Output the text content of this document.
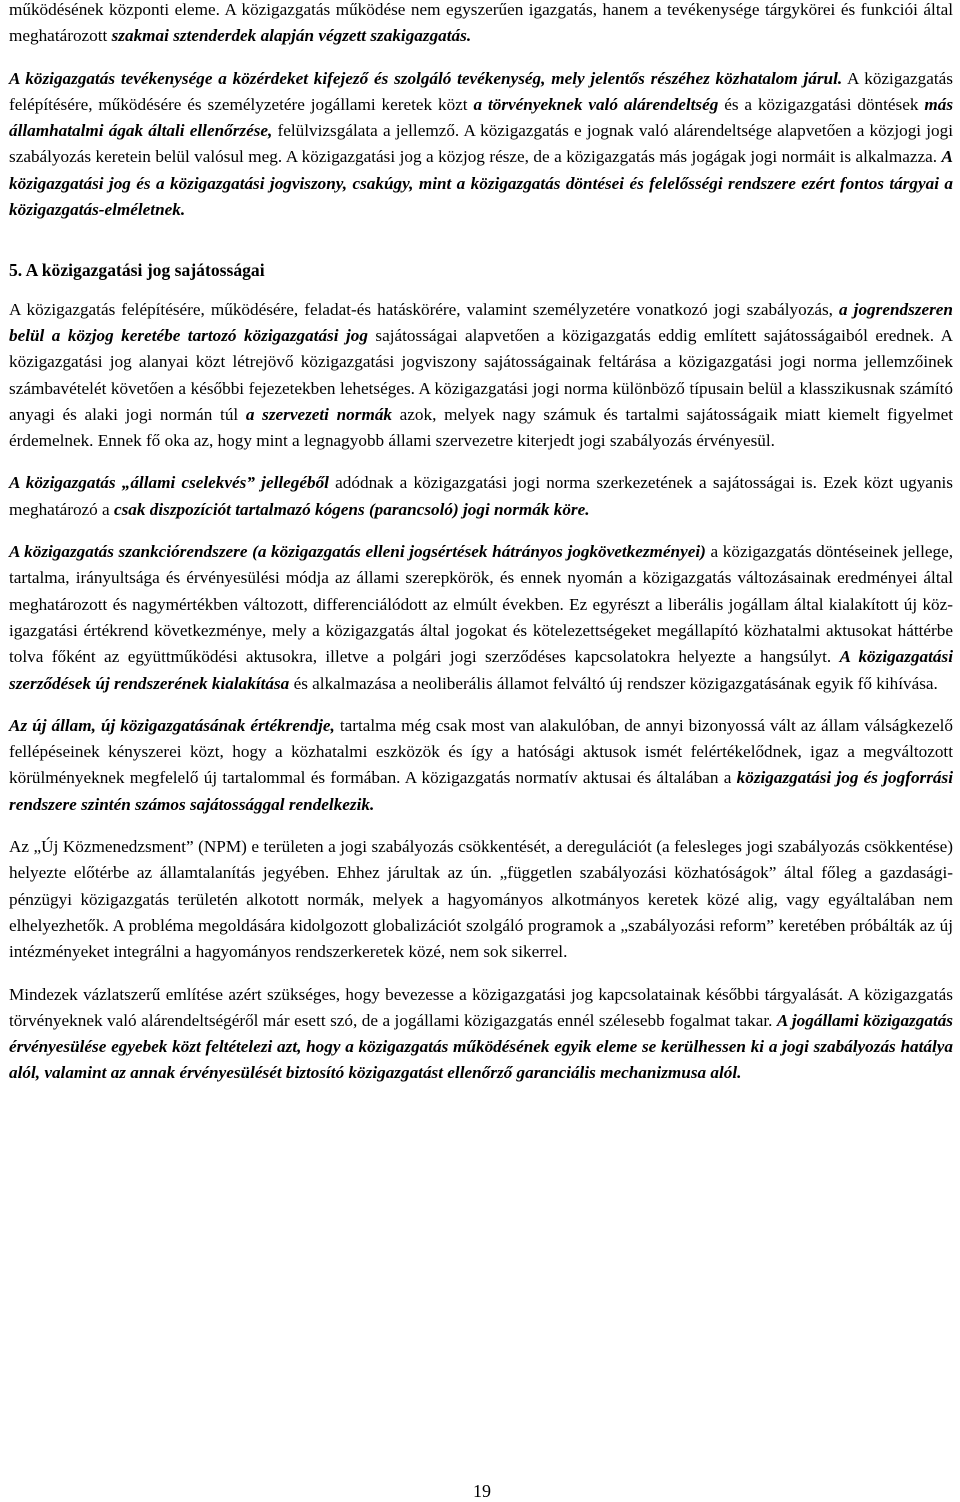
működésének központi eleme. A közigazgatás működése nem egyszerűen igazgatás, hanem a tevékenysége tárgykörei és funkciói által meghatározott szakmai sztenderdek alapján végzett szakigazgatás.

A közigazgatás tevékenysége a közérdeket kifejező és szolgáló tevékenység, mely jelentős részéhez közhatalom járul. A közigazgatás felépítésére, működésére és személyzetére jogállami keretek közt a törvényeknek való alárendeltség és a közigazgatási döntések más államhatalmi ágak általi ellenőrzése, felülvizsgálata a jellemző. A közigazgatás e jognak való alárendeltsége alapvetően a közjogi jogi szabályozás keretein belül valósul meg. A közigazgatási jog a közjog része, de a közigazgatás más jogágak jogi normáit is alkalmazza. A közigazgatási jog és a közigazgatási jogviszony, csakúgy, mint a közigazgatás döntései és felelősségi rendszere ezért fontos tárgyai a közigazgatás-elméletnek.

5. A közigazgatási jog sajátosságai

A közigazgatás felépítésére, működésére, feladat-és hatáskörére, valamint személyzetére vonatkozó jogi szabályozás, a jogrendszeren belül a közjog keretébe tartozó közigazgatási jog sajátosságai alapvetően a közigazgatás eddig említett sajátosságaiból erednek. A közigazgatási jog alanyai közt létrejövő közigazgatási jogviszony sajátosságainak feltárása a közigazgatási jogi norma jellemzőinek számbavételét követően a későbbi fejezetekben lehetséges. A közigazgatási jogi norma különböző típusain belül a klasszikusnak számító anyagi és alaki jogi normán túl a szervezeti normák azok, melyek nagy számuk és tartalmi sajátosságaik miatt kiemelt figyelmet érdemelnek. Ennek fő oka az, hogy mint a legnagyobb állami szervezetre kiterjedt jogi szabályozás érvényesül.

A közigazgatás „állami cselekvés” jellegéből adódnak a közigazgatási jogi norma szerkezetének a sajátosságai is. Ezek közt ugyanis meghatározó a csak diszpozíciót tartalmazó kógens (parancsoló) jogi normák köre.

A közigazgatás szankciórendszere (a közigazgatás elleni jogsértések hátrányos jogkövetkezményei) a közigazgatás döntéseinek jellege, tartalma, irányultsága és érvényesülési módja az állami szerepkörök, és ennek nyomán a közigazgatás változásainak eredményei által meghatározott és nagymértékben változott, differenciálódott az elmúlt években. Ez egyrészt a liberális jogállam által kialakított új közigazgatási értékrend következménye, mely a közigazgatás által jogokat és kötelezettségeket megállapító közhatalmi aktusokat háttérbe tolva főként az együttműködési aktusokra, illetve a polgári jogi szerződéses kapcsolatokra helyezte a hangsúlyt. A közigazgatási szerződések új rendszerének kialakítása és alkalmazása a neoliberális államot felváltó új rendszer közigazgatásának egyik fő kihívása.

Az új állam, új közigazgatásának értékrendje, tartalma még csak most van alakulóban, de annyi bizonyossá vált az állam válságkezelő fellépéseinek kényszerei közt, hogy a közhatalmi eszközök és így a hatósági aktusok ismét felértékelődnek, igaz a megváltozott körülményeknek megfelelő új tartalommal és formában. A közigazgatás normatív aktusai és általában a közigazgatási jog és jogforrási rendszere szintén számos sajátossággal rendelkezik.

Az „Új Közmenedzsment” (NPM) e területen a jogi szabályozás csökkentését, a deregulációt (a felesleges jogi szabályozás csökkentése) helyezte előtérbe az államtalanítás jegyében. Ehhez járultak az ún. „független szabályozási közhatóságok” által főleg a gazdasági-pénzügyi közigazgatás területén alkotott normák, melyek a hagyományos alkotmányos keretek közé alig, vagy egyáltalában nem elhelyezhetők. A probléma megoldására kidolgozott globalizációt szolgáló programok a „szabályozási reform” keretében próbálták az új intézményeket integrálni a hagyományos rendszerkeretek közé, nem sok sikerrel.

Mindezek vázlatszerű említése azért szükséges, hogy bevezesse a közigazgatási jog kapcsolatainak későbbi tárgyalását. A közigazgatás törvényeknek való alárendeltségéről már esett szó, de a jogállami közigazgatás ennél szélesebb fogalmat takar. A jogállami közigazgatás érvényesülése egyebek közt feltételezi azt, hogy a közigazgatás működésének egyik eleme se kerülhessen ki a jogi szabályozás hatálya alól, valamint az annak érvényesülését biztosító közigazgatást ellenőrző garanciális mechanizmusa alól.

19
